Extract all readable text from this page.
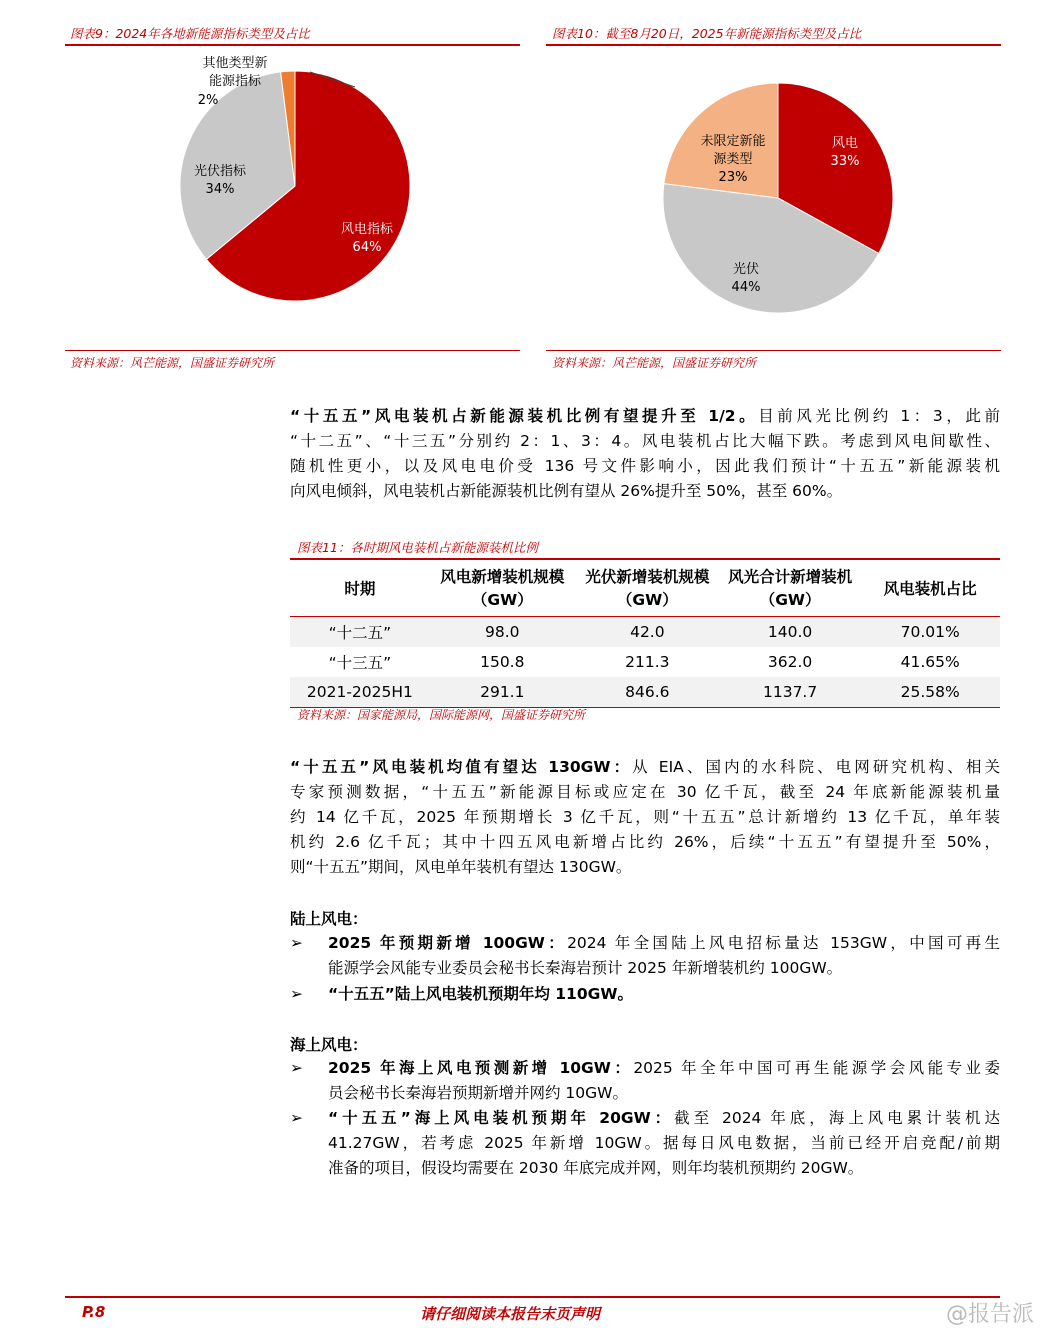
图表9：2024年各地新能源指标类型及占比
其他类型新
能源指标
2%
光伏指标
34%
风电指标
64%
资料来源：风芒能源，国盛证券研究所
图表10：截至8月20日，2025年新能源指标类型及占比
未限定新能
源类型
23%
风电
33%
光伏
44%
资料来源：风芒能源，国盛证券研究所

“十五五”风电装机占新能源装机比例有望提升至 1/2。目前风光比例约 1：3，此前

“十二五”、“十三五”分别约 2：1、3：4。风电装机占比大幅下跌。考虑到风电间歇性、

随机性更小，以及风电电价受 136 号文件影响小，因此我们预计“十五五”新能源装机

向风电倾斜，风电装机占新能源装机比例有望从 26%提升至 50%，甚至 60%。

图表11：各时期风电装机占新能源装机比例
时期	风电新增装机规模（GW）	光伏新增装机规模（GW）	风光合计新增装机（GW）	风电装机占比
“十二五”	98.0	42.0	140.0	70.01%
“十三五”	150.8	211.3	362.0	41.65%
2021-2025H1	291.1	846.6	1137.7	25.58%
资料来源：国家能源局，国际能源网，国盛证券研究所

“十五五”风电装机均值有望达 130GW：从 EIA、国内的水科院、电网研究机构、相关

专家预测数据，“十五五”新能源目标或应定在 30 亿千瓦，截至 24 年底新能源装机量

约 14 亿千瓦，2025 年预期增长 3 亿千瓦，则“十五五”总计新增约 13 亿千瓦，单年装

机约 2.6 亿千瓦；其中十四五风电新增占比约 26%，后续“十五五”有望提升至 50%，

则“十五五”期间，风电单年装机有望达 130GW。

陆上风电：
➢ 2025 年预期新增 100GW：2024 年全国陆上风电招标量达 153GW，中国可再生

能源学会风能专业委员会秘书长秦海岩预计 2025 年新增装机约 100GW。

➢ “十五五”陆上风电装机预期年均 110GW。

海上风电：
➢ 2025 年海上风电预测新增 10GW：2025 年全年中国可再生能源学会风能专业委

员会秘书长秦海岩预期新增并网约 10GW。

➢ “十五五”海上风电装机预期年 20GW：截至 2024 年底，海上风电累计装机达

41.27GW，若考虑 2025 年新增 10GW。据每日风电数据，当前已经开启竞配/前期

准备的项目，假设均需要在 2030 年底完成并网，则年均装机预期约 20GW。

P.8	请仔细阅读本报告末页声明	@报告派
